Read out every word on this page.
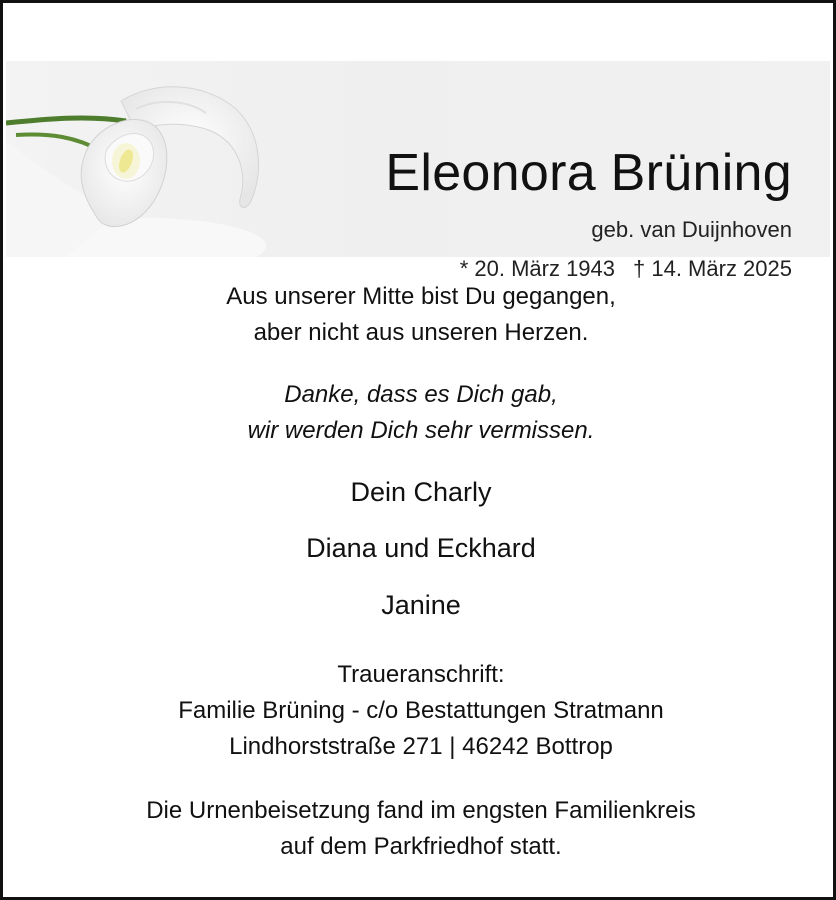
Eleonora Brüning
geb. van Duijnhoven
* 20. März 1943 † 14. März 2025
Aus unserer Mitte bist Du gegangen,
aber nicht aus unseren Herzen.
Danke, dass es Dich gab,
wir werden Dich sehr vermissen.
Dein Charly
Diana und Eckhard
Janine
Traueranschrift:
Familie Brüning - c/o Bestattungen Stratmann
Lindhorststraße 271 | 46242 Bottrop
Die Urnenbeisetzung fand im engsten Familienkreis
auf dem Parkfriedhof statt.
